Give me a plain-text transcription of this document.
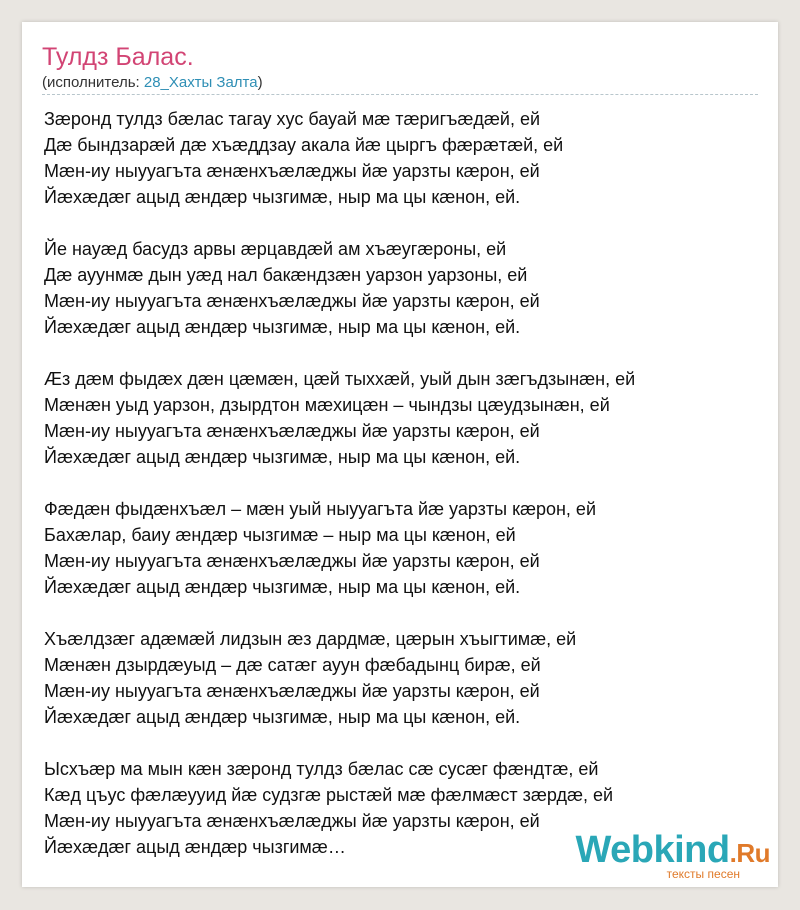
Тулдз Балас.
(исполнитель: 28_Хахты Залта)
Зæронд тулдз бæлас тагау хус бауай мæ тæригъæдæй, ей
Дæ бындзарæй дæ хъæддзау акала йæ цыргъ фæрæтæй, ей
Мæн-иу ныууагъта æнæнхъæлæджы йæ уарзты кæрон, ей
Йæхæдæг ацыд æндæр чызгимæ, ныр ма цы кæнон, ей.
Йе науæд басудз арвы æрцавдæй ам хъæугæроны, ей
Дæ ауунмæ дын уæд нал бакæндзæн уарзон уарзоны, ей
Мæн-иу ныууагъта æнæнхъæлæджы йæ уарзты кæрон, ей
Йæхæдæг ацыд æндæр чызгимæ, ныр ма цы кæнон, ей.
Æз дæм фыдæх дæн цæмæн, цæй тыххæй, уый дын зæгъдзынæн, ей
Мæнæн уыд уарзон, дзырдтон мæхицæн – чындзы цæудзынæн, ей
Мæн-иу ныууагъта æнæнхъæлæджы йæ уарзты кæрон, ей
Йæхæдæг ацыд æндæр чызгимæ, ныр ма цы кæнон, ей.
Фæдæн фыдæнхъæл – мæн уый ныууагъта йæ уарзты кæрон, ей
Бахæлар, баиу æндæр чызгимæ – ныр ма цы кæнон, ей
Мæн-иу ныууагъта æнæнхъæлæджы йæ уарзты кæрон, ей
Йæхæдæг ацыд æндæр чызгимæ, ныр ма цы кæнон, ей.
Хъæлдзæг адæмæй лидзын æз дардмæ, цæрын хъыгтимæ, ей
Мæнæн дзырдæуыд – дæ сатæг ауун фæбадынц бирæ, ей
Мæн-иу ныууагъта æнæнхъæлæджы йæ уарзты кæрон, ей
Йæхæдæг ацыд æндæр чызгимæ, ныр ма цы кæнон, ей.
Ысхъæр ма мын кæн зæронд тулдз бæлас сæ сусæг фæндтæ, ей
Кæд цъус фæлæууид йæ судзгæ рыстæй мæ фæлмæст зæрдæ, ей
Мæн-иу ныууагъта æнæнхъæлæджы йæ уарзты кæрон, ей
Йæхæдæг ацыд æндæр чызгимæ…	Webkind.Ru
тексты песен
